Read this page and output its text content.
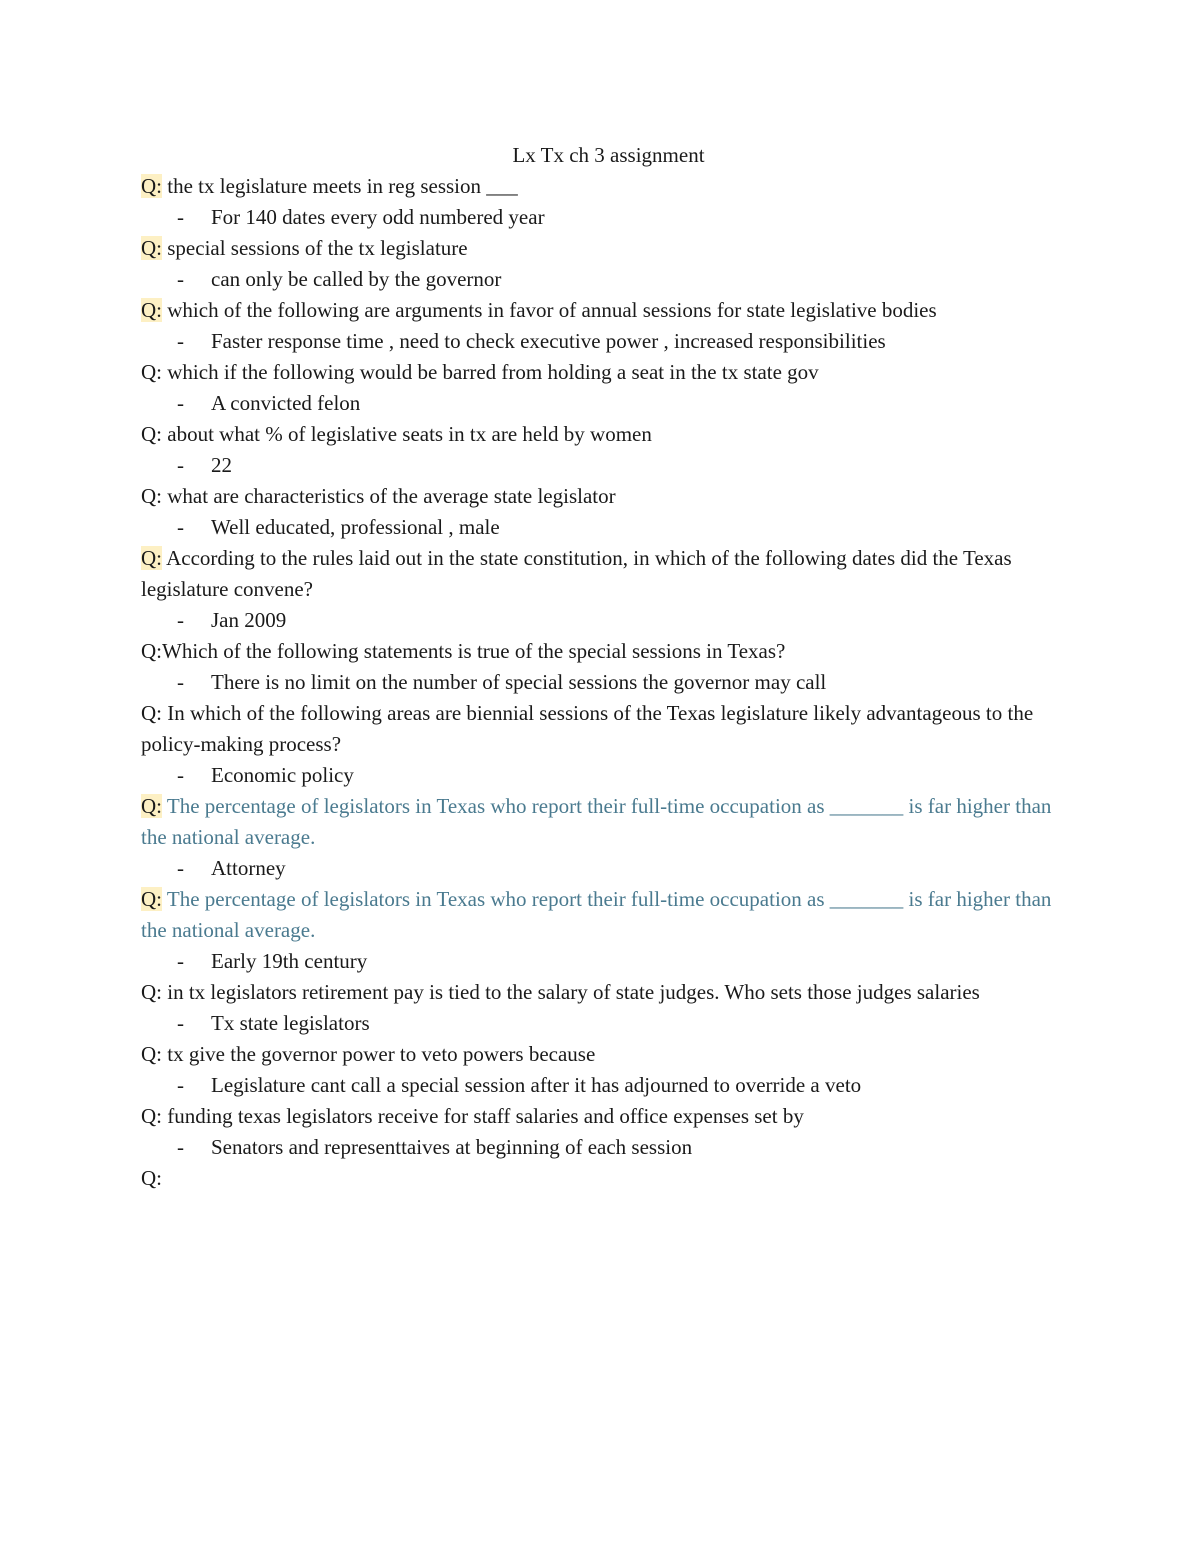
Lx Tx ch 3 assignment

Q: the tx legislature meets in reg session ___

- For 140 dates every odd numbered year

Q: special sessions of the tx legislature

- can only be called by the governor

Q: which of the following are arguments in favor of annual sessions for state legislative bodies

- Faster response time , need to check executive power , increased responsibilities

Q: which if the following would be barred from holding a seat in the tx state gov

- A convicted felon

Q: about what % of legislative seats in tx are held by women

- 22

Q: what are characteristics of the average state legislator

- Well educated, professional , male

Q: According to the rules laid out in the state constitution, in which of the following dates did the Texas legislature convene?

- Jan 2009

Q:Which of the following statements is true of the special sessions in Texas?

- There is no limit on the number of special sessions the governor may call

Q: In which of the following areas are biennial sessions of the Texas legislature likely advantageous to the policy-making process?

- Economic policy

Q: The percentage of legislators in Texas who report their full-time occupation as _______ is far higher than the national average.

- Attorney

Q: The percentage of legislators in Texas who report their full-time occupation as _______ is far higher than the national average.

- Early 19th century

Q: in tx legislators retirement pay is tied to the salary of state judges. Who sets those judges salaries

- Tx state legislators

Q: tx give the governor power to veto powers because

- Legislature cant call a special session after it has adjourned to override a veto

Q: funding texas legislators receive for staff salaries and office expenses set by

- Senators and representtaives at beginning of each session

Q:
